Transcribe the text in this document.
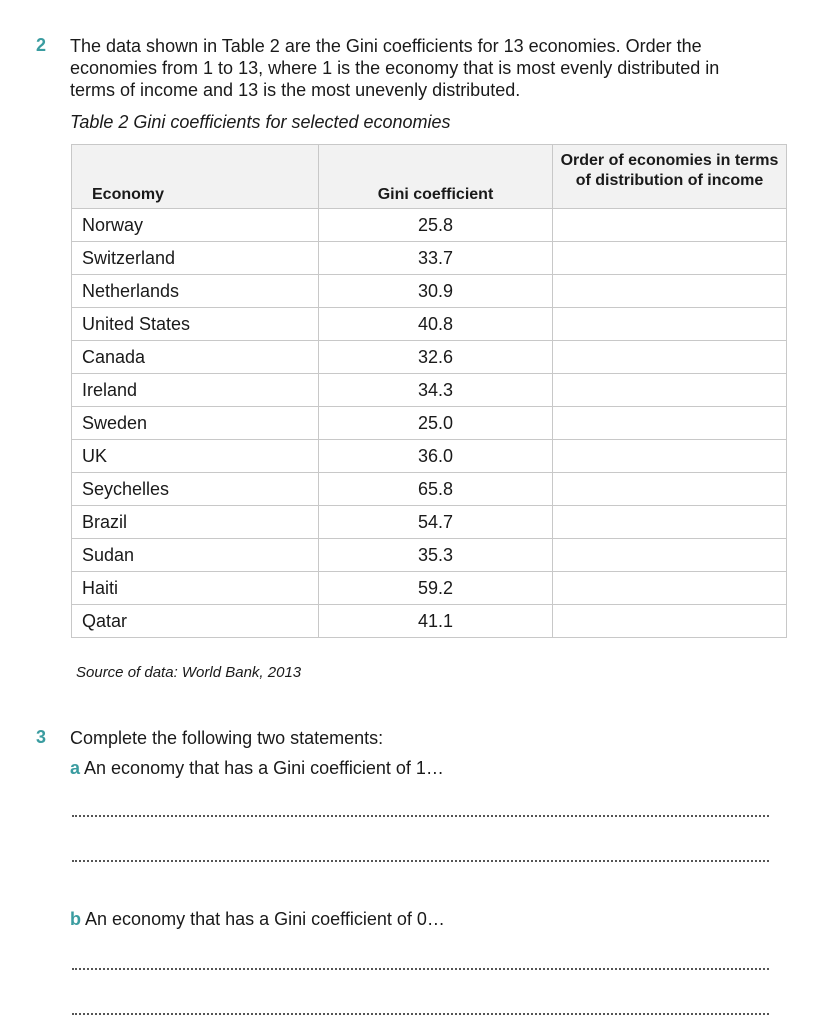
2 The data shown in Table 2 are the Gini coefficients for 13 economies. Order the
economies from 1 to 13, where 1 is the economy that is most evenly distributed in
terms of income and 13 is the most unevenly distributed.
Table 2 Gini coefficients for selected economies
Economy	Gini coefficient	Order of economies in terms of distribution of income
Norway	25.8	
Switzerland	33.7	
Netherlands	30.9	
United States	40.8	
Canada	32.6	
Ireland	34.3	
Sweden	25.0	
UK	36.0	
Seychelles	65.8	
Brazil	54.7	
Sudan	35.3	
Haiti	59.2	
Qatar	41.1	
Source of data: World Bank, 2013
3 Complete the following two statements:
a An economy that has a Gini coefficient of 1…
b An economy that has a Gini coefficient of 0…
